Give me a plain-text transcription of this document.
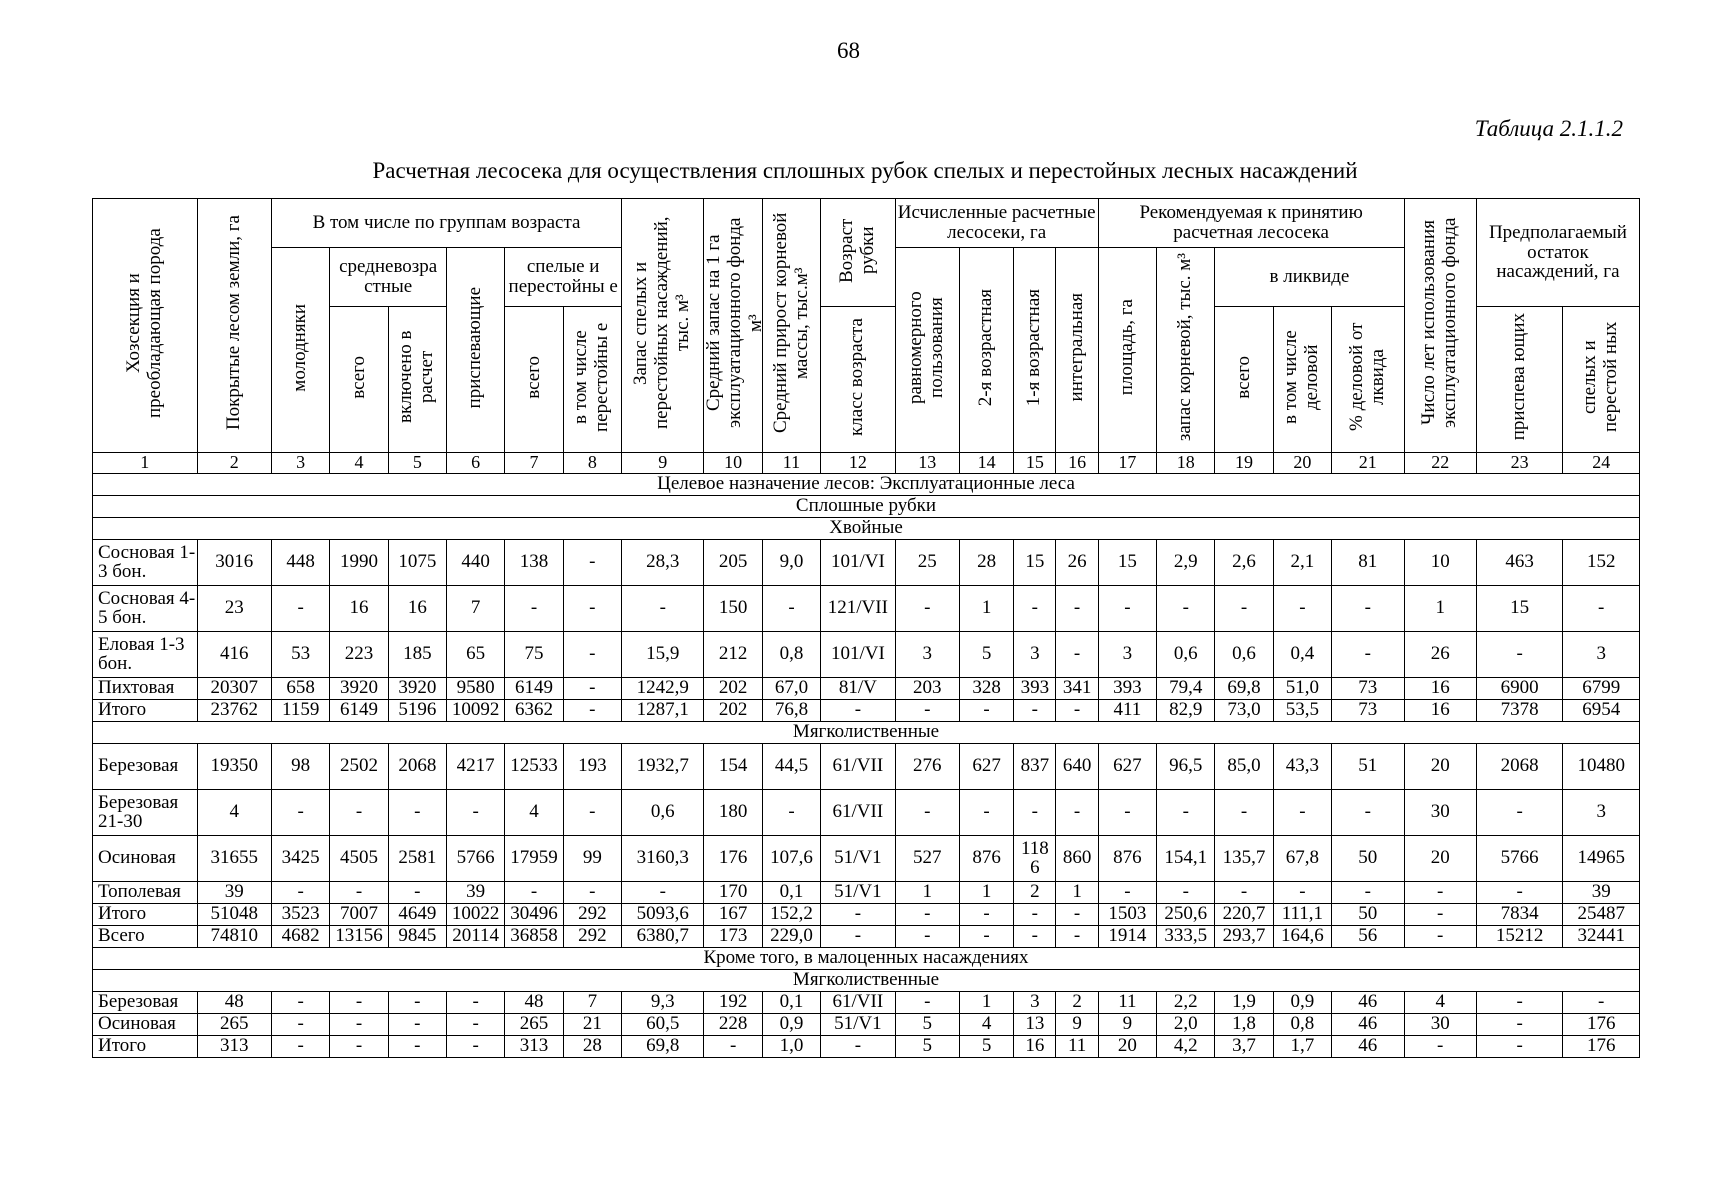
68
Таблица 2.1.1.2
Расчетная лесосека для осуществления сплошных рубок спелых и перестойных лесных насаждений
Хозсекция и преобладающая порода	Покрытые лесом земли, га	В том числе по группам возраста						Запас спелых и перестойных насаждений, тыс. м³	Средний запас на 1 га эксплуатационного фонда м³	Средний прирост корневой массы, тыс.м³	Возраст рубки	Исчисленные расчетные лесосеки, га				Рекомендуемая к принятию расчетная лесосека					Число лет использования эксплуатационного фонда	Предполагаемый остаток насаждений, га	
		молодняки	средневозра стные		приспевающие	спелые и перестойны е						равномерного пользования	2-я возрастная	1-я возрастная	интегральная	площадь, га	запас корневой, тыс. м³	в ликвиде					
			всего	включено в расчет		всего	в том числе перестойны е				класс возраста							всего	в том числе деловой	% деловой от лквида		приспева ющих	спелых и перестой ных
1	2	3	4	5	6	7	8	9	10	11	12	13	14	15	16	17	18	19	20	21	22	23	24
Целевое назначение лесов: Эксплуатационные леса																							
Сплошные рубки																							
Хвойные																							
Сосновая 1-3 бон.	3016	448	1990	1075	440	138	-	28,3	205	9,0	101/VI	25	28	15	26	15	2,9	2,6	2,1	81	10	463	152
Сосновая 4-5 бон.	23	-	16	16	7	-	-	-	150	-	121/VII	-	1	-	-	-	-	-	-	-	1	15	-
Еловая 1-3 бон.	416	53	223	185	65	75	-	15,9	212	0,8	101/VI	3	5	3	-	3	0,6	0,6	0,4	-	26	-	3
Пихтовая	20307	658	3920	3920	9580	6149	-	1242,9	202	67,0	81/V	203	328	393	341	393	79,4	69,8	51,0	73	16	6900	6799
Итого	23762	1159	6149	5196	10092	6362	-	1287,1	202	76,8	-	-	-	-	-	411	82,9	73,0	53,5	73	16	7378	6954
Мягколиственные																							
Березовая	19350	98	2502	2068	4217	12533	193	1932,7	154	44,5	61/VII	276	627	837	640	627	96,5	85,0	43,3	51	20	2068	10480
Березовая 21-30	4	-	-	-	-	4	-	0,6	180	-	61/VII	-	-	-	-	-	-	-	-	-	30	-	3
Осиновая	31655	3425	4505	2581	5766	17959	99	3160,3	176	107,6	51/V1	527	876	118 6	860	876	154,1	135,7	67,8	50	20	5766	14965
Тополевая	39	-	-	-	39	-	-	-	170	0,1	51/V1	1	1	2	1	-	-	-	-	-	-	-	39
Итого	51048	3523	7007	4649	10022	30496	292	5093,6	167	152,2	-	-	-	-	-	1503	250,6	220,7	111,1	50	-	7834	25487
Всего	74810	4682	13156	9845	20114	36858	292	6380,7	173	229,0	-	-	-	-	-	1914	333,5	293,7	164,6	56	-	15212	32441
Кроме того, в малоценных насаждениях																							
Мягколиственные																							
Березовая	48	-	-	-	-	48	7	9,3	192	0,1	61/VII	-	1	3	2	11	2,2	1,9	0,9	46	4	-	-
Осиновая	265	-	-	-	-	265	21	60,5	228	0,9	51/V1	5	4	13	9	9	2,0	1,8	0,8	46	30	-	176
Итого	313	-	-	-	-	313	28	69,8	-	1,0	-	5	5	16	11	20	4,2	3,7	1,7	46	-	-	176
